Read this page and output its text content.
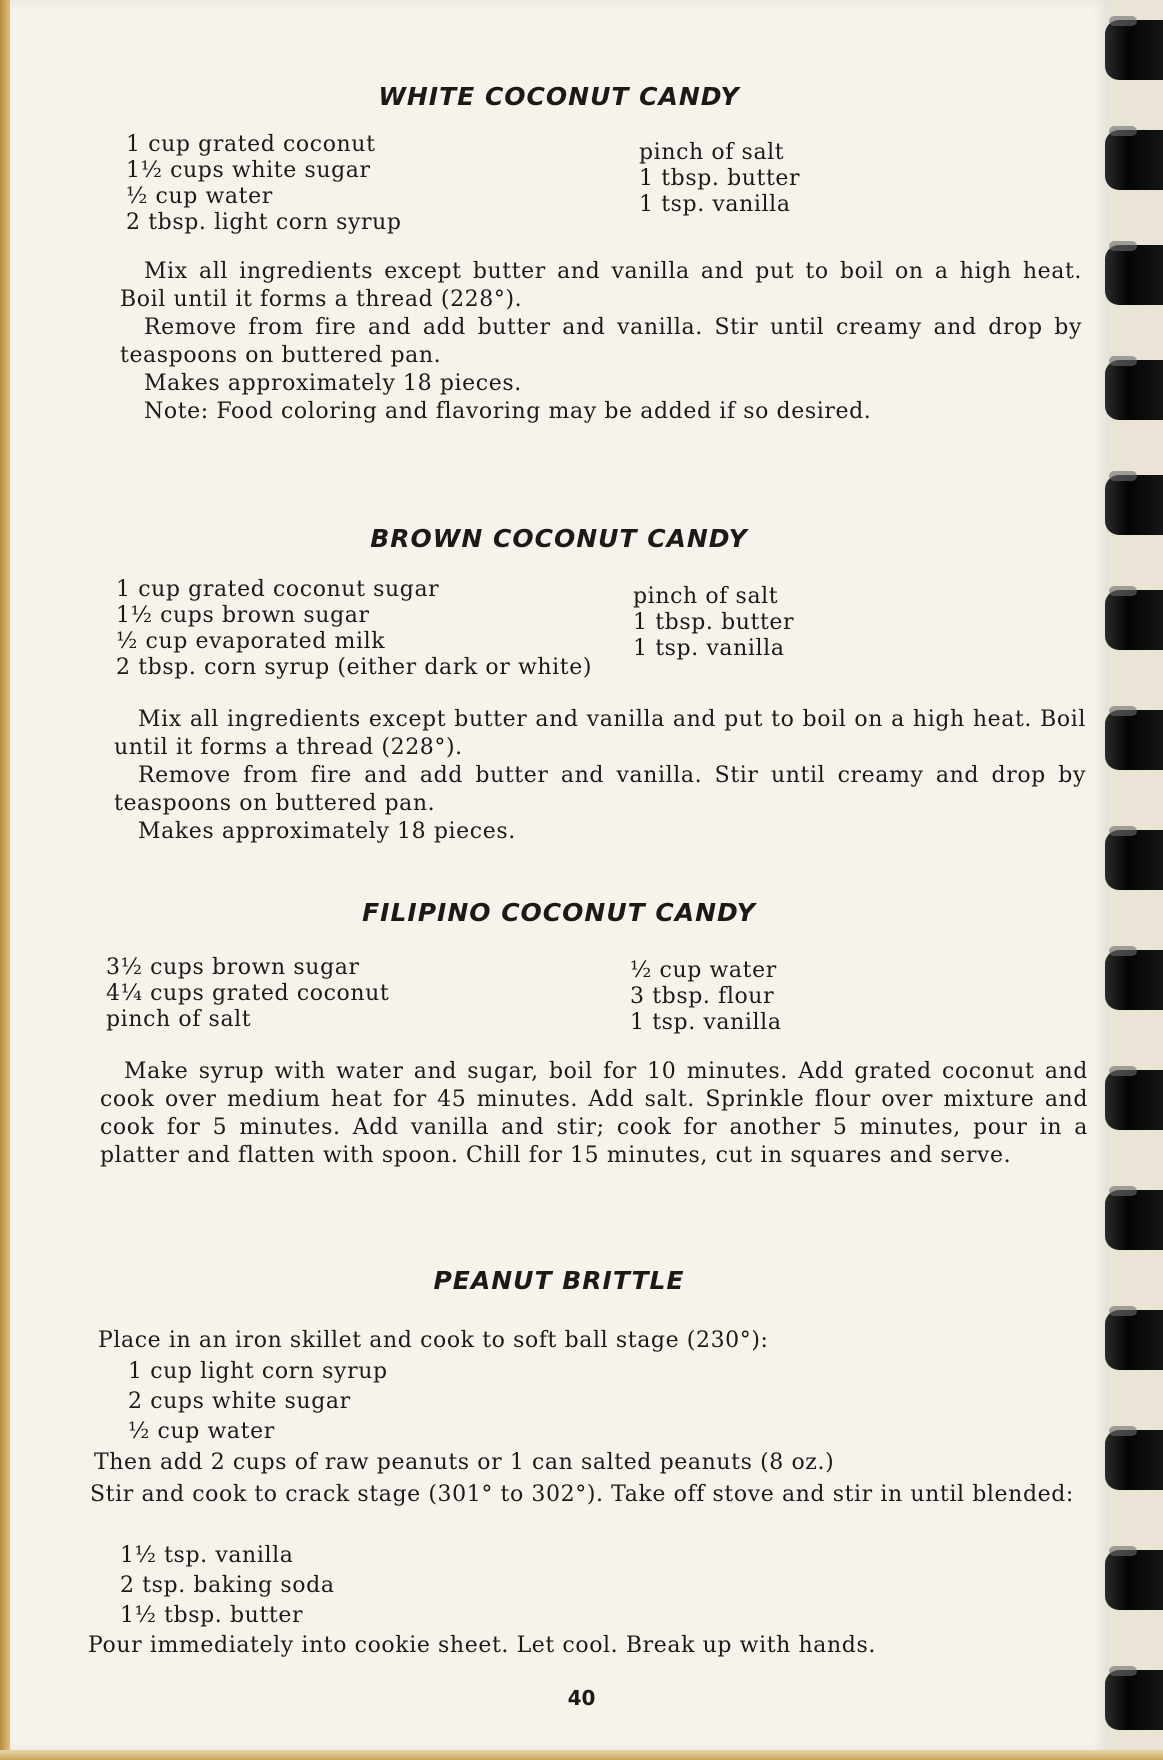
WHITE COCONUT CANDY
1 cup grated coconut
1½ cups white sugar
½ cup water
2 tbsp. light corn syrup
pinch of salt
1 tbsp. butter
1 tsp. vanilla

Mix all ingredients except butter and vanilla and put to boil on a high heat. Boil until it forms a thread (228°).

Remove from fire and add butter and vanilla. Stir until creamy and drop by teaspoons on buttered pan.

Makes approximately 18 pieces.

Note: Food coloring and flavoring may be added if so desired.

BROWN COCONUT CANDY
1 cup grated coconut sugar
1½ cups brown sugar
½ cup evaporated milk
2 tbsp. corn syrup (either dark or white)
pinch of salt
1 tbsp. butter
1 tsp. vanilla

Mix all ingredients except butter and vanilla and put to boil on a high heat. Boil until it forms a thread (228°).

Remove from fire and add butter and vanilla. Stir until creamy and drop by teaspoons on buttered pan.

Makes approximately 18 pieces.

FILIPINO COCONUT CANDY
3½ cups brown sugar
4¼ cups grated coconut
pinch of salt
½ cup water
3 tbsp. flour
1 tsp. vanilla

Make syrup with water and sugar, boil for 10 minutes. Add grated coconut and cook over medium heat for 45 minutes. Add salt. Sprinkle flour over mixture and cook for 5 minutes. Add vanilla and stir; cook for another 5 minutes, pour in a platter and flatten with spoon. Chill for 15 minutes, cut in squares and serve.

PEANUT BRITTLE
Place in an iron skillet and cook to soft ball stage (230°):
1 cup light corn syrup
2 cups white sugar
½ cup water
Then add 2 cups of raw peanuts or 1 can salted peanuts (8 oz.)

Stir and cook to crack stage (301° to 302°). Take off stove and stir in until blended:

1½ tsp. vanilla
2 tsp. baking soda
1½ tbsp. butter
Pour immediately into cookie sheet. Let cool. Break up with hands.
40
